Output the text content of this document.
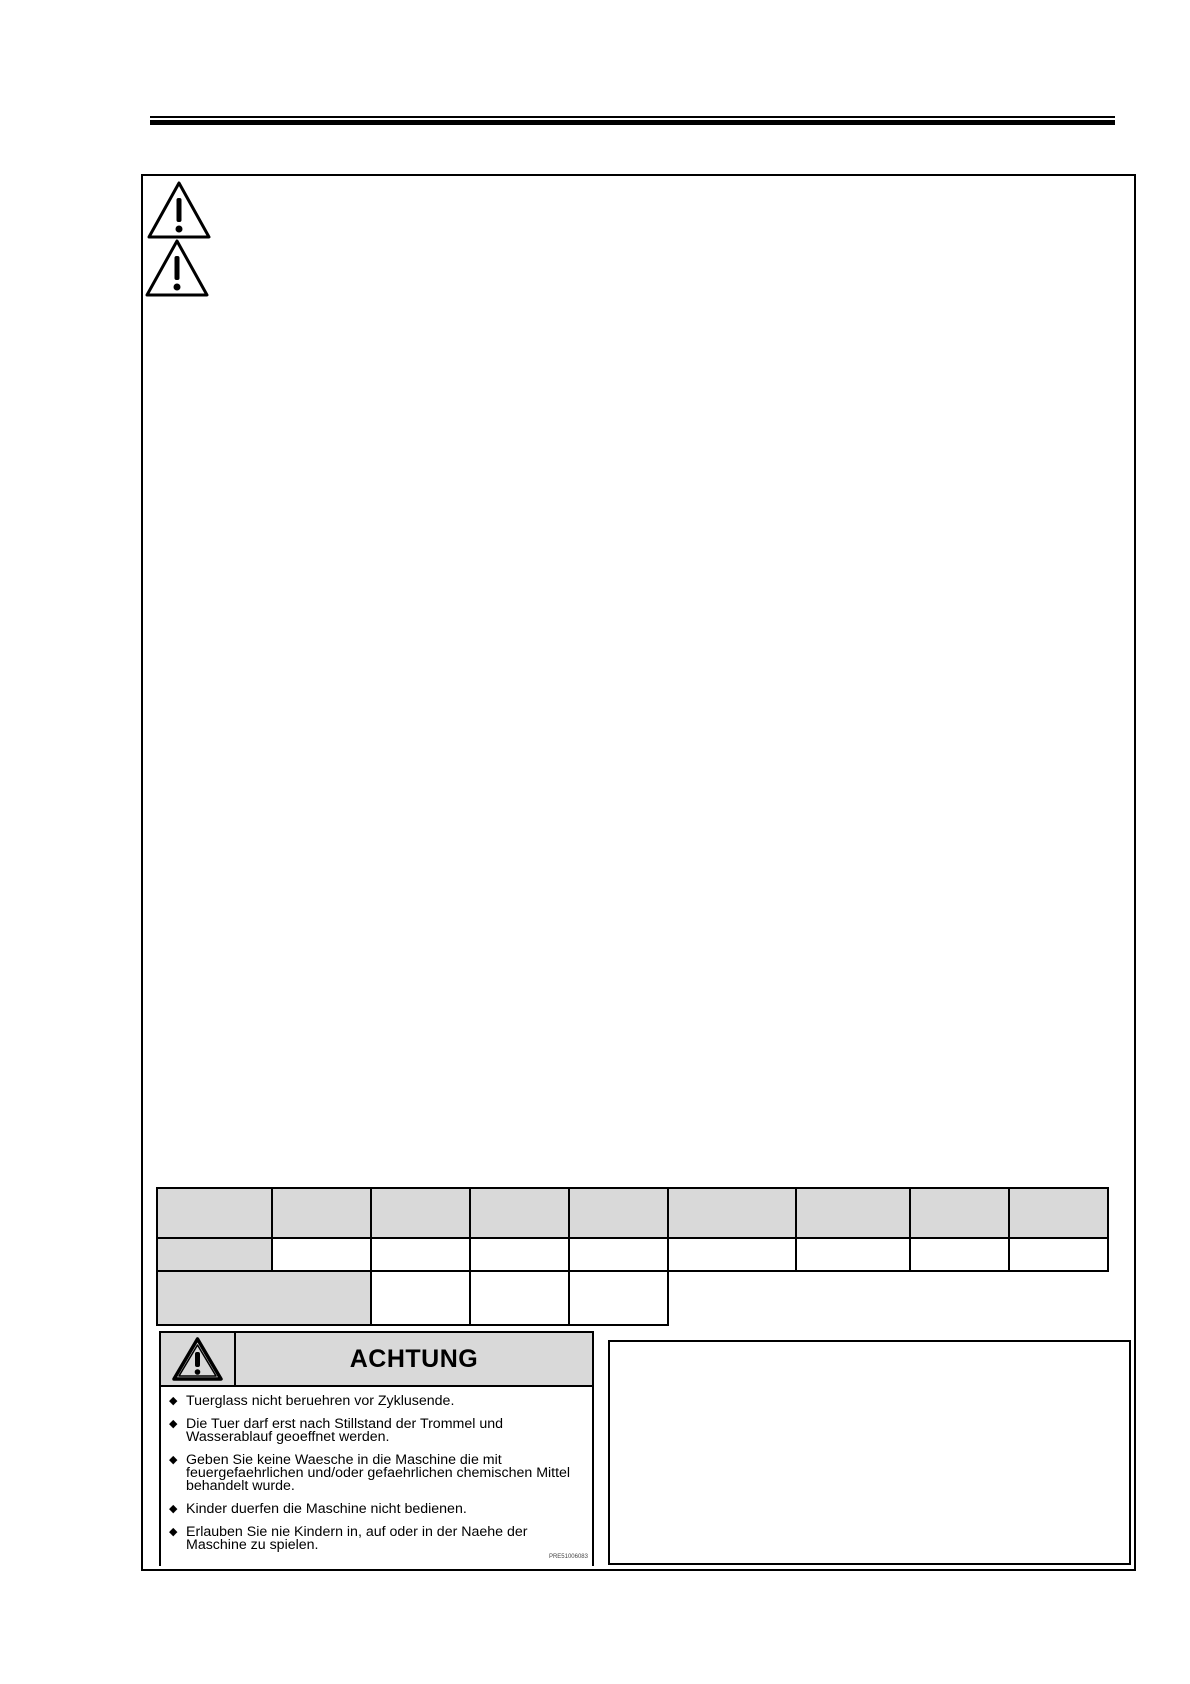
ACHTUNG
◆ Tuerglass nicht beruehren vor Zyklusende.
◆ Die Tuer darf erst nach Stillstand der Trommel und Wasserablauf geoeffnet werden.
◆ Geben Sie keine Waesche in die Maschine die mit feuergefaehrlichen und/oder gefaehrlichen chemischen Mittel behandelt wurde.
◆ Kinder duerfen die Maschine nicht bedienen.
◆ Erlauben Sie nie Kindern in, auf oder in der Naehe der Maschine zu spielen.
PRE51006083
